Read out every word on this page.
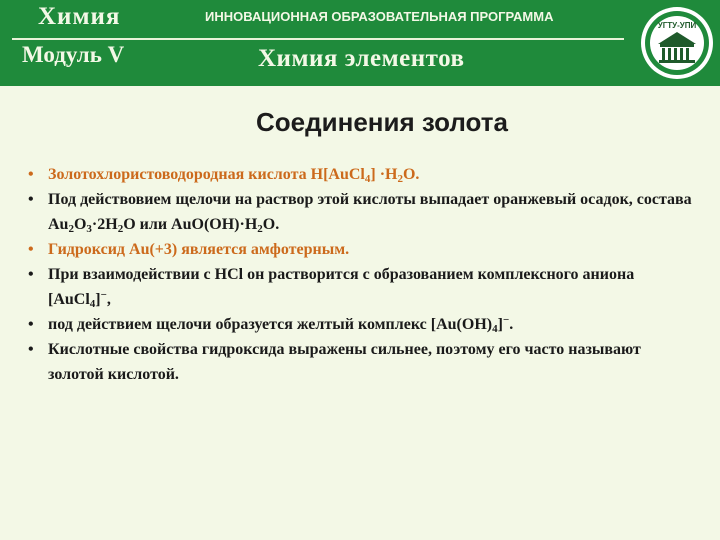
Химия	ИННОВАЦИОННАЯ ОБРАЗОВАТЕЛЬНАЯ ПРОГРАММА
Модуль V	Химия элементов
УГТУ-УПИ
Соединения золота
• Золотохлористоводородная кислота H[AuCl$_4$] $\cdot H_2O$.
• Под действовием щелочи на раствор этой кислоты выпадает оранжевый осадок, состава $Au_2O_3\cdot 2H_2O$ или $AuO(OH)\cdot H_2O$.
• Гидроксид Au(+3) является амфотерным.
• При взаимодействии с HCl он растворится с образованием комплексного аниона [AuCl$_4$]−,
• под действием щелочи образуется желтый комплекс $[Au(OH)_4]^-$.
• Кислотные свойства гидроксида выражены сильнее, поэтому его часто называют золотой кислотой.
